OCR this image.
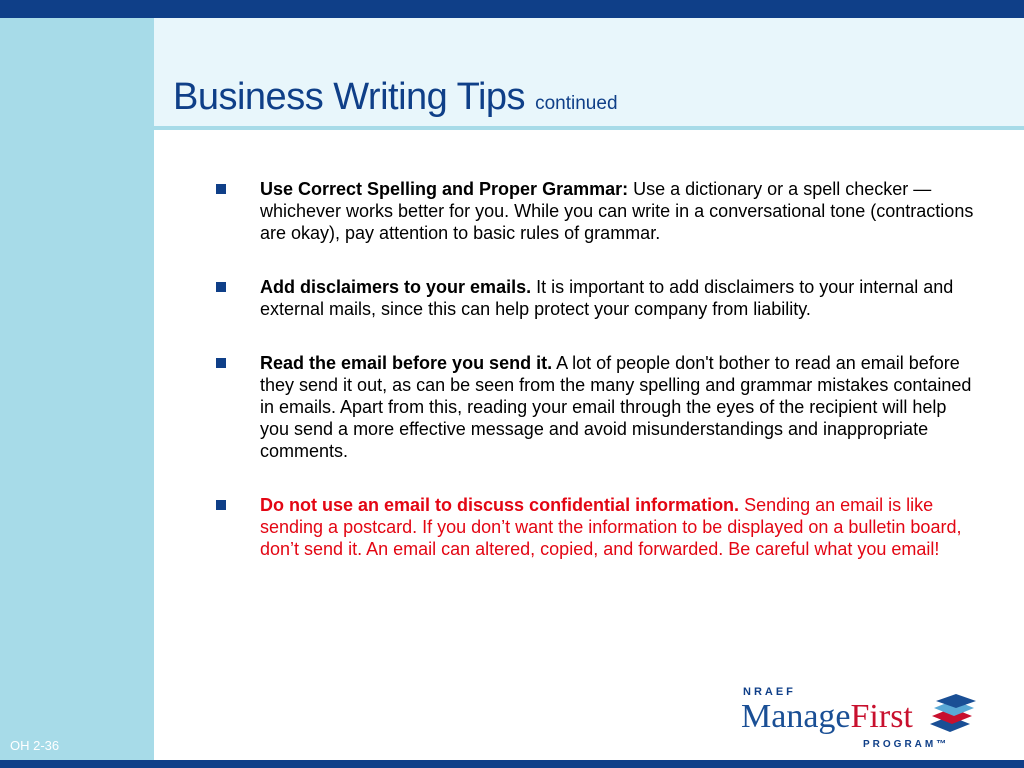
Business Writing Tips continued
Use Correct Spelling and Proper Grammar: Use a dictionary or a spell checker — whichever works better for you. While you can write in a conversational tone (contractions are okay), pay attention to basic rules of grammar.
Add disclaimers to your emails. It is important to add disclaimers to your internal and external mails, since this can help protect your company from liability.
Read the email before you send it. A lot of people don't bother to read an email before they send it out, as can be seen from the many spelling and grammar mistakes contained in emails. Apart from this, reading your email through the eyes of the recipient will help you send a more effective message and avoid misunderstandings and inappropriate comments.
Do not use an email to discuss confidential information. Sending an email is like sending a postcard. If you don’t want the information to be displayed on a bulletin board, don’t send it. An email can altered, copied, and forwarded. Be careful what you email!
OH 2-36
NRAEF
ManageFirst
PROGRAM™
